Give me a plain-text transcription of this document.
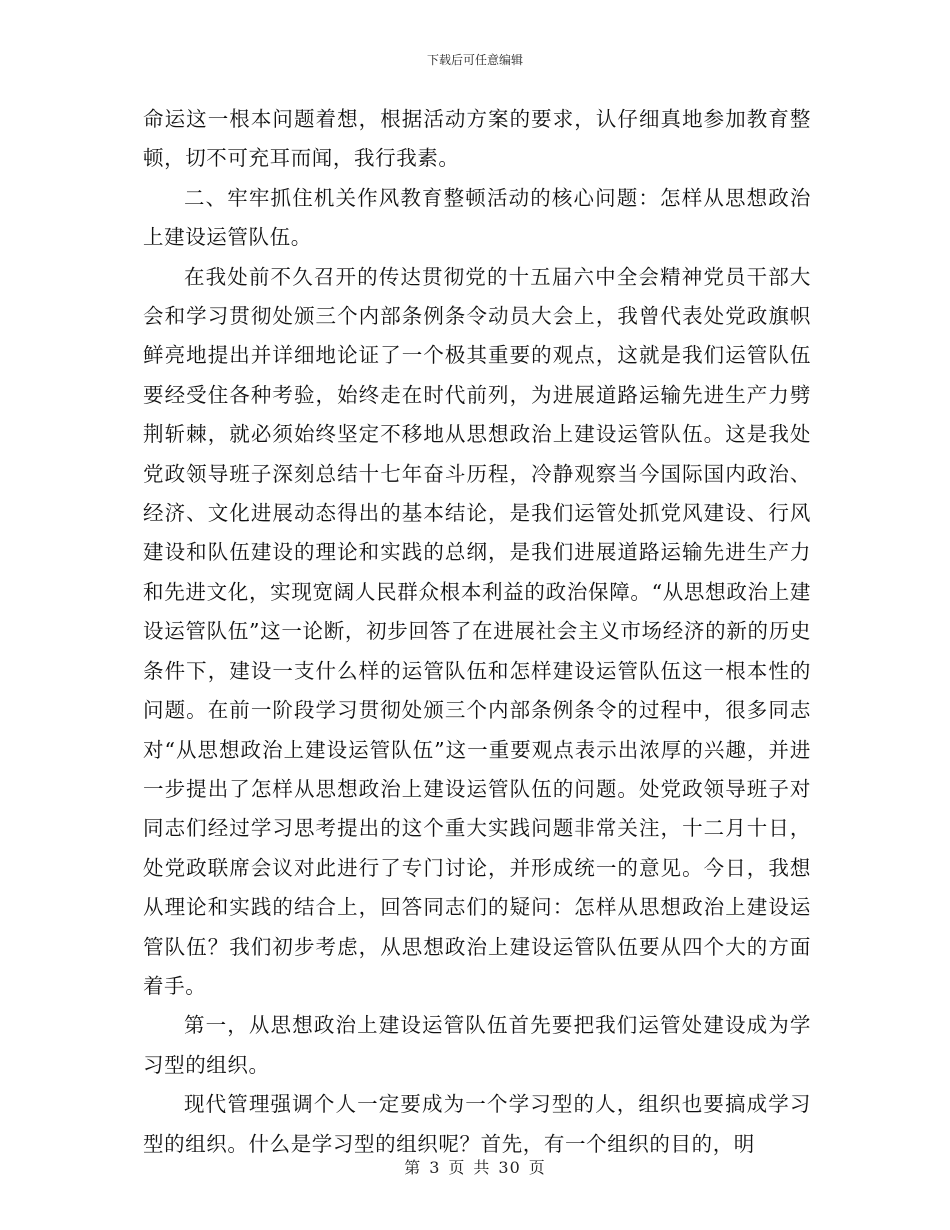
下载后可任意编辑

命运这一根本问题着想，根据活动方案的要求，认仔细真地参加教育整顿，切不可充耳而闻，我行我素。

二、牢牢抓住机关作风教育整顿活动的核心问题：怎样从思想政治上建设运管队伍。

在我处前不久召开的传达贯彻党的十五届六中全会精神党员干部大会和学习贯彻处颁三个内部条例条令动员大会上，我曾代表处党政旗帜鲜亮地提出并详细地论证了一个极其重要的观点，这就是我们运管队伍要经受住各种考验，始终走在时代前列，为进展道路运输先进生产力劈荆斩棘，就必须始终坚定不移地从思想政治上建设运管队伍。这是我处党政领导班子深刻总结十七年奋斗历程，冷静观察当今国际国内政治、经济、文化进展动态得出的基本结论，是我们运管处抓党风建设、行风建设和队伍建设的理论和实践的总纲，是我们进展道路运输先进生产力和先进文化，实现宽阔人民群众根本利益的政治保障。“从思想政治上建设运管队伍”这一论断，初步回答了在进展社会主义市场经济的新的历史条件下，建设一支什么样的运管队伍和怎样建设运管队伍这一根本性的问题。在前一阶段学习贯彻处颁三个内部条例条令的过程中，很多同志对“从思想政治上建设运管队伍”这一重要观点表示出浓厚的兴趣，并进一步提出了怎样从思想政治上建设运管队伍的问题。处党政领导班子对同志们经过学习思考提出的这个重大实践问题非常关注，十二月十日，处党政联席会议对此进行了专门讨论，并形成统一的意见。今日，我想从理论和实践的结合上，回答同志们的疑问：怎样从思想政治上建设运管队伍？我们初步考虑，从思想政治上建设运管队伍要从四个大的方面着手。

第一，从思想政治上建设运管队伍首先要把我们运管处建设成为学习型的组织。

现代管理强调个人一定要成为一个学习型的人，组织也要搞成学习型的组织。什么是学习型的组织呢？首先，有一个组织的目的，明

第 3 页 共 30 页
